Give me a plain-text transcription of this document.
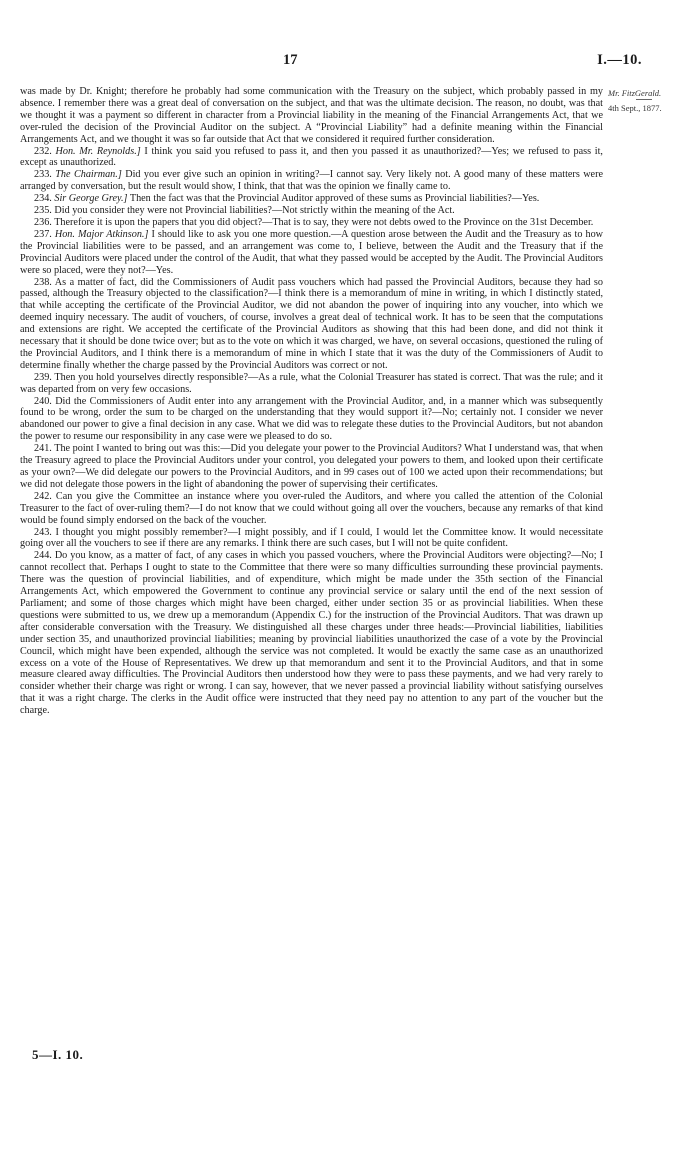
17	I.—10.
Mr. FitzGerald.
4th Sept., 1877.

was made by Dr. Knight; therefore he probably had some communication with the Treasury on the subject, which probably passed in my absence. I remember there was a great deal of conversation on the subject, and that was the ultimate decision. The reason, no doubt, was that we thought it was a payment so different in character from a Provincial liability in the meaning of the Financial Arrangements Act, that we over-ruled the decision of the Provincial Auditor on the subject. A “Provincial Liability” had a definite meaning within the Financial Arrangements Act, and we thought it was so far outside that Act that we considered it required further consideration.

232. Hon. Mr. Reynolds.] I think you said you refused to pass it, and then you passed it as unauthorized?—Yes; we refused to pass it, except as unauthorized.

233. The Chairman.] Did you ever give such an opinion in writing?—I cannot say. Very likely not. A good many of these matters were arranged by conversation, but the result would show, I think, that that was the opinion we finally came to.

234. Sir George Grey.] Then the fact was that the Provincial Auditor approved of these sums as Provincial liabilities?—Yes.

235. Did you consider they were not Provincial liabilities?—Not strictly within the meaning of the Act.

236. Therefore it is upon the papers that you did object?—That is to say, they were not debts owed to the Province on the 31st December.

237. Hon. Major Atkinson.] I should like to ask you one more question.—A question arose between the Audit and the Treasury as to how the Provincial liabilities were to be passed, and an arrangement was come to, I believe, between the Audit and the Treasury that if the Provincial Auditors were placed under the control of the Audit, that what they passed would be accepted by the Audit. The Provincial Auditors were so placed, were they not?—Yes.

238. As a matter of fact, did the Commissioners of Audit pass vouchers which had passed the Provincial Auditors, because they had so passed, although the Treasury objected to the classification?—I think there is a memorandum of mine in writing, in which I distinctly stated, that while accepting the certificate of the Provincial Auditor, we did not abandon the power of inquiring into any voucher, into which we deemed inquiry necessary. The audit of vouchers, of course, involves a great deal of technical work. It has to be seen that the computations and extensions are right. We accepted the certificate of the Provincial Auditors as showing that this had been done, and did not think it necessary that it should be done twice over; but as to the vote on which it was charged, we have, on several occasions, questioned the ruling of the Provincial Auditors, and I think there is a memorandum of mine in which I state that it was the duty of the Commissioners of Audit to determine finally whether the charge passed by the Provincial Auditors was correct or not.

239. Then you hold yourselves directly responsible?—As a rule, what the Colonial Treasurer has stated is correct. That was the rule; and it was departed from on very few occasions.

240. Did the Commissioners of Audit enter into any arrangement with the Provincial Auditor, and, in a manner which was subsequently found to be wrong, order the sum to be charged on the understanding that they would support it?—No; certainly not. I consider we never abandoned our power to give a final decision in any case. What we did was to relegate these duties to the Provincial Auditors, but not abandon the power to resume our responsibility in any case were we pleased to do so.

241. The point I wanted to bring out was this:—Did you delegate your power to the Provincial Auditors? What I understand was, that when the Treasury agreed to place the Provincial Auditors under your control, you delegated your powers to them, and looked upon their certificate as your own?—We did delegate our powers to the Provincial Auditors, and in 99 cases out of 100 we acted upon their recommendations; but we did not delegate those powers in the light of abandoning the power of supervising their certificates.

242. Can you give the Committee an instance where you over-ruled the Auditors, and where you called the attention of the Colonial Treasurer to the fact of over-ruling them?—I do not know that we could without going all over the vouchers, because any remarks of that kind would be found simply endorsed on the back of the voucher.

243. I thought you might possibly remember?—I might possibly, and if I could, I would let the Committee know. It would necessitate going over all the vouchers to see if there are any remarks. I think there are such cases, but I will not be quite confident.

244. Do you know, as a matter of fact, of any cases in which you passed vouchers, where the Provincial Auditors were objecting?—No; I cannot recollect that. Perhaps I ought to state to the Committee that there were so many difficulties surrounding these provincial payments. There was the question of provincial liabilities, and of expenditure, which might be made under the 35th section of the Financial Arrangements Act, which empowered the Government to continue any provincial service or salary until the end of the next session of Parliament; and some of those charges which might have been charged, either under section 35 or as provincial liabilities. When these questions were submitted to us, we drew up a memorandum (Appendix C.) for the instruction of the Provincial Auditors. That was drawn up after considerable conversation with the Treasury. We distinguished all these charges under three heads:—Provincial liabilities, liabilities under section 35, and unauthorized provincial liabilities; meaning by provincial liabilities unauthorized the case of a vote by the Provincial Council, which might have been expended, although the service was not completed. It would be exactly the same case as an unauthorized excess on a vote of the House of Representatives. We drew up that memorandum and sent it to the Provincial Auditors, and that in some measure cleared away difficulties. The Provincial Auditors then understood how they were to pass these payments, and we had very rarely to consider whether their charge was right or wrong. I can say, however, that we never passed a provincial liability without satisfying ourselves that it was a right charge. The clerks in the Audit office were instructed that they need pay no attention to any part of the voucher but the charge.

5—I. 10.
